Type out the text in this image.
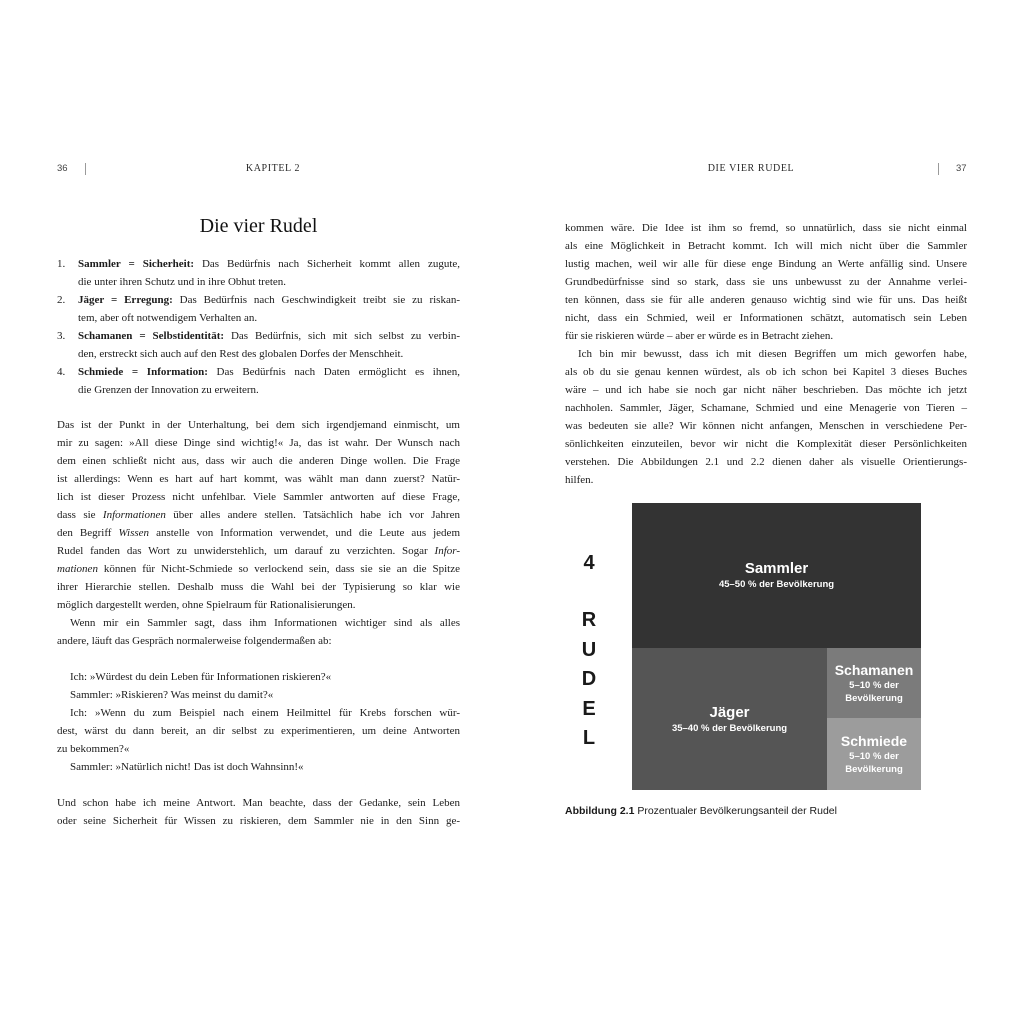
36	KAPITEL 2	DIE VIER RUDEL	37
Die vier Rudel
1. Sammler = Sicherheit: Das Bedürfnis nach Sicherheit kommt allen zugute,
die unter ihren Schutz und in ihre Obhut treten.
2. Jäger = Erregung: Das Bedürfnis nach Geschwindigkeit treibt sie zu riskan-
tem, aber oft notwendigem Verhalten an.
3. Schamanen = Selbstidentität: Das Bedürfnis, sich mit sich selbst zu verbin-
den, erstreckt sich auch auf den Rest des globalen Dorfes der Menschheit.
4. Schmiede = Information: Das Bedürfnis nach Daten ermöglicht es ihnen,
die Grenzen der Innovation zu erweitern.
Das ist der Punkt in der Unterhaltung, bei dem sich irgendjemand einmischt, um
mir zu sagen: »All diese Dinge sind wichtig!« Ja, das ist wahr. Der Wunsch nach
dem einen schließt nicht aus, dass wir auch die anderen Dinge wollen. Die Frage
ist allerdings: Wenn es hart auf hart kommt, was wählt man dann zuerst? Natür-
lich ist dieser Prozess nicht unfehlbar. Viele Sammler antworten auf diese Frage,
dass sie Informationen über alles andere stellen. Tatsächlich habe ich vor Jahren
den Begriff Wissen anstelle von Information verwendet, und die Leute aus jedem
Rudel fanden das Wort zu unwiderstehlich, um darauf zu verzichten. Sogar Infor-
mationen können für Nicht-Schmiede so verlockend sein, dass sie sie an die Spitze
ihrer Hierarchie stellen. Deshalb muss die Wahl bei der Typisierung so klar wie
möglich dargestellt werden, ohne Spielraum für Rationalisierungen.
Wenn mir ein Sammler sagt, dass ihm Informationen wichtiger sind als alles
andere, läuft das Gespräch normalerweise folgendermaßen ab:
Ich: »Würdest du dein Leben für Informationen riskieren?«
Sammler: »Riskieren? Was meinst du damit?«
Ich: »Wenn du zum Beispiel nach einem Heilmittel für Krebs forschen wür-
dest, wärst du dann bereit, an dir selbst zu experimentieren, um deine Antworten
zu bekommen?«
Sammler: »Natürlich nicht! Das ist doch Wahnsinn!«
Und schon habe ich meine Antwort. Man beachte, dass der Gedanke, sein Leben
oder seine Sicherheit für Wissen zu riskieren, dem Sammler nie in den Sinn ge-
kommen wäre. Die Idee ist ihm so fremd, so unnatürlich, dass sie nicht einmal
als eine Möglichkeit in Betracht kommt. Ich will mich nicht über die Sammler
lustig machen, weil wir alle für diese enge Bindung an Werte anfällig sind. Unsere
Grundbedürfnisse sind so stark, dass sie uns unbewusst zu der Annahme verlei-
ten können, dass sie für alle anderen genauso wichtig sind wie für uns. Das heißt
nicht, dass ein Schmied, weil er Informationen schätzt, automatisch sein Leben
für sie riskieren würde – aber er würde es in Betracht ziehen.
Ich bin mir bewusst, dass ich mit diesen Begriffen um mich geworfen habe,
als ob du sie genau kennen würdest, als ob ich schon bei Kapitel 3 dieses Buches
wäre – und ich habe sie noch gar nicht näher beschrieben. Das möchte ich jetzt
nachholen. Sammler, Jäger, Schamane, Schmied und eine Menagerie von Tieren –
was bedeuten sie alle? Wir können nicht anfangen, Menschen in verschiedene Per-
sönlichkeiten einzuteilen, bevor wir nicht die Komplexität dieser Persönlichkeiten
verstehen. Die Abbildungen 2.1 und 2.2 dienen daher als visuelle Orientierungs-
hilfen.
4
R
U
D
E
L
Sammler
45–50 % der Bevölkerung
Jäger
35–40 % der Bevölkerung
Schamanen
5–10 % der
Bevölkerung
Schmiede
5–10 % der
Bevölkerung
Abbildung 2.1 Prozentualer Bevölkerungsanteil der Rudel
